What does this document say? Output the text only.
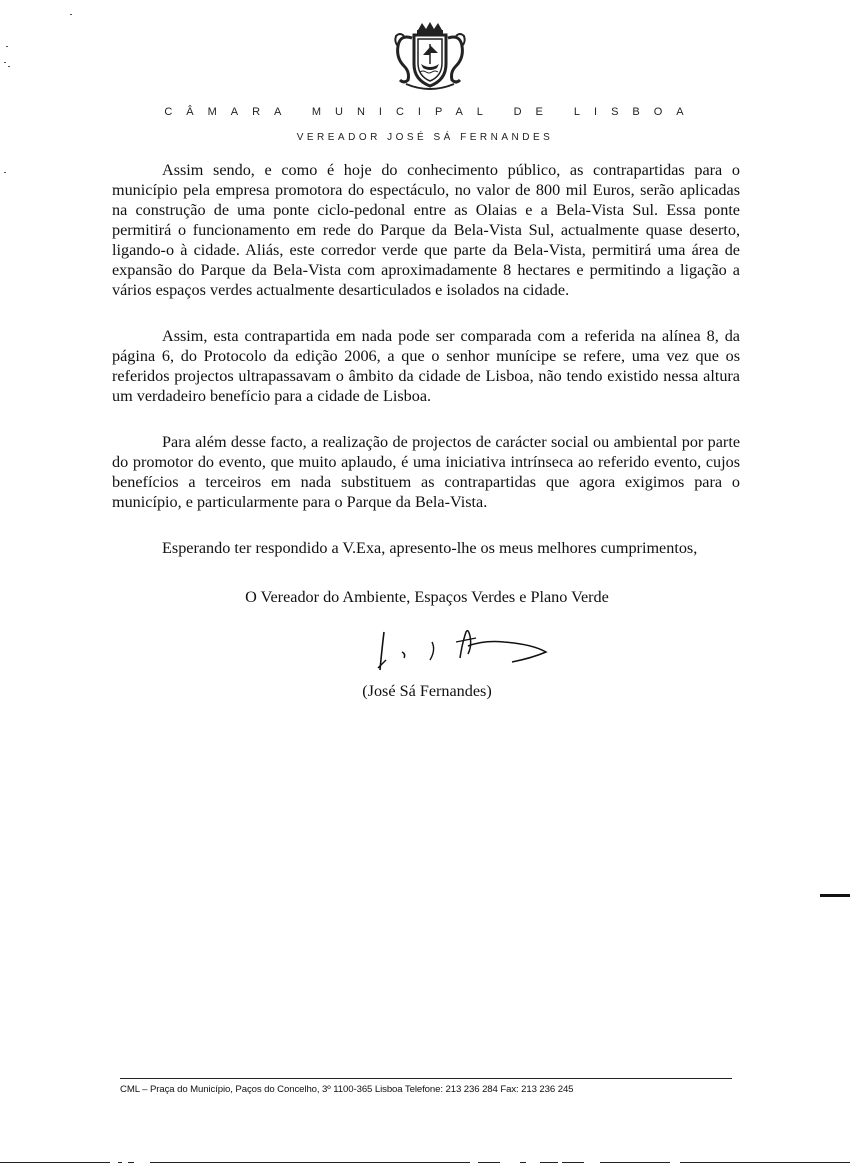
CÂMARA MUNICIPAL DE LISBOA
VEREADOR JOSÉ SÁ FERNANDES

Assim sendo, e como é hoje do conhecimento público, as contrapartidas para o município pela empresa promotora do espectáculo, no valor de 800 mil Euros, serão aplicadas na construção de uma ponte ciclo-pedonal entre as Olaias e a Bela-Vista Sul. Essa ponte permitirá o funcionamento em rede do Parque da Bela-Vista Sul, actualmente quase deserto, ligando-o à cidade. Aliás, este corredor verde que parte da Bela-Vista, permitirá uma área de expansão do Parque da Bela-Vista com aproximadamente 8 hectares e permitindo a ligação a vários espaços verdes actualmente desarticulados e isolados na cidade.

Assim, esta contrapartida em nada pode ser comparada com a referida na alínea 8, da página 6, do Protocolo da edição 2006, a que o senhor munícipe se refere, uma vez que os referidos projectos ultrapassavam o âmbito da cidade de Lisboa, não tendo existido nessa altura um verdadeiro benefício para a cidade de Lisboa.

Para além desse facto, a realização de projectos de carácter social ou ambiental por parte do promotor do evento, que muito aplaudo, é uma iniciativa intrínseca ao referido evento, cujos benefícios a terceiros em nada substituem as contrapartidas que agora exigimos para o município, e particularmente para o Parque da Bela-Vista.

Esperando ter respondido a V.Exa, apresento-lhe os meus melhores cumprimentos,

O Vereador do Ambiente, Espaços Verdes e Plano Verde
(José Sá Fernandes)
CML – Praça do Município, Paços do Concelho, 3º 1100-365 Lisboa Telefone: 213 236 284 Fax: 213 236 245
